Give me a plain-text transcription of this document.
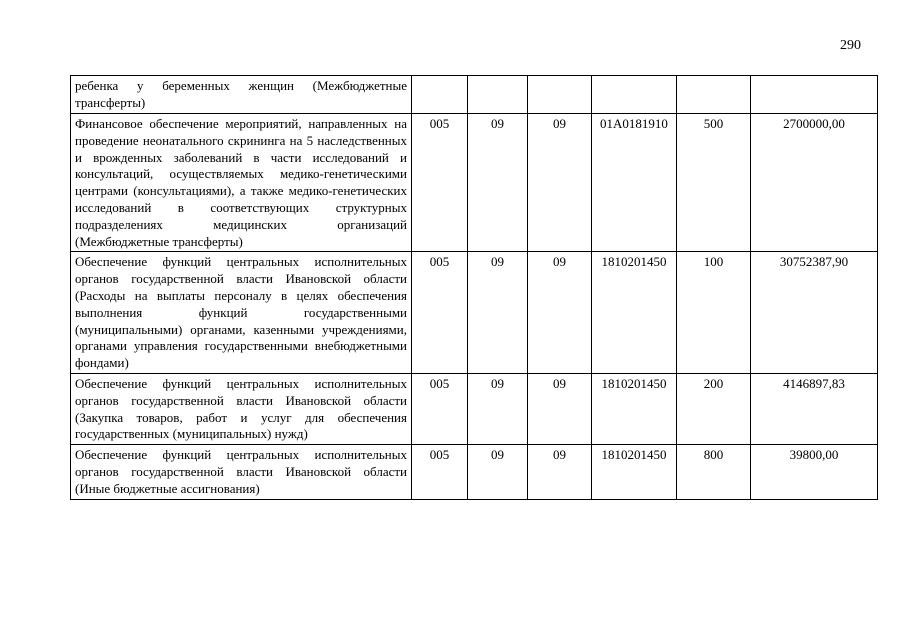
290
ребенка у беременных женщин (Межбюджетные трансферты)						
Финансовое обеспечение мероприятий, направленных на проведение неонатального скрининга на 5 наследственных и врожденных заболеваний в части исследований и консультаций, осуществляемых медико-генетическими центрами (консультациями), а также медико-генетических исследований в соответствующих структурных подразделениях медицинских организаций (Межбюджетные трансферты)	005	09	09	01A0181910	500	2700000,00
Обеспечение функций центральных исполнительных органов государственной власти Ивановской области (Расходы на выплаты персоналу в целях обеспечения выполнения функций государственными (муниципальными) органами, казенными учреждениями, органами управления государственными внебюджетными фондами)	005	09	09	1810201450	100	30752387,90
Обеспечение функций центральных исполнительных органов государственной власти Ивановской области (Закупка товаров, работ и услуг для обеспечения государственных (муниципальных) нужд)	005	09	09	1810201450	200	4146897,83
Обеспечение функций центральных исполнительных органов государственной власти Ивановской области (Иные бюджетные ассигнования)	005	09	09	1810201450	800	39800,00
